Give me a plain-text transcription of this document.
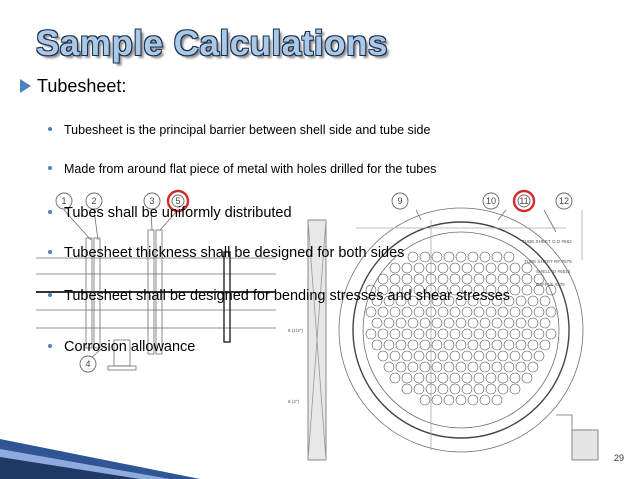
1	2	3 5	9	10	11	12
4
TUBE SHEET O.D #662
TUBE SHEET RF #578
SHELL ID #5815
BAFFLE #575
6 (1/2")
6 (2")
Sample Calculations
Tubesheet:
Tubesheet is the principal barrier between shell side and tube side
Made from around flat piece of metal with holes drilled for the tubes
Tubes shall be uniformly distributed
Tubesheet thickness shall be designed for both sides
Tubesheet shall be designed for bending stresses and shear stresses
Corrosion allowance
29
